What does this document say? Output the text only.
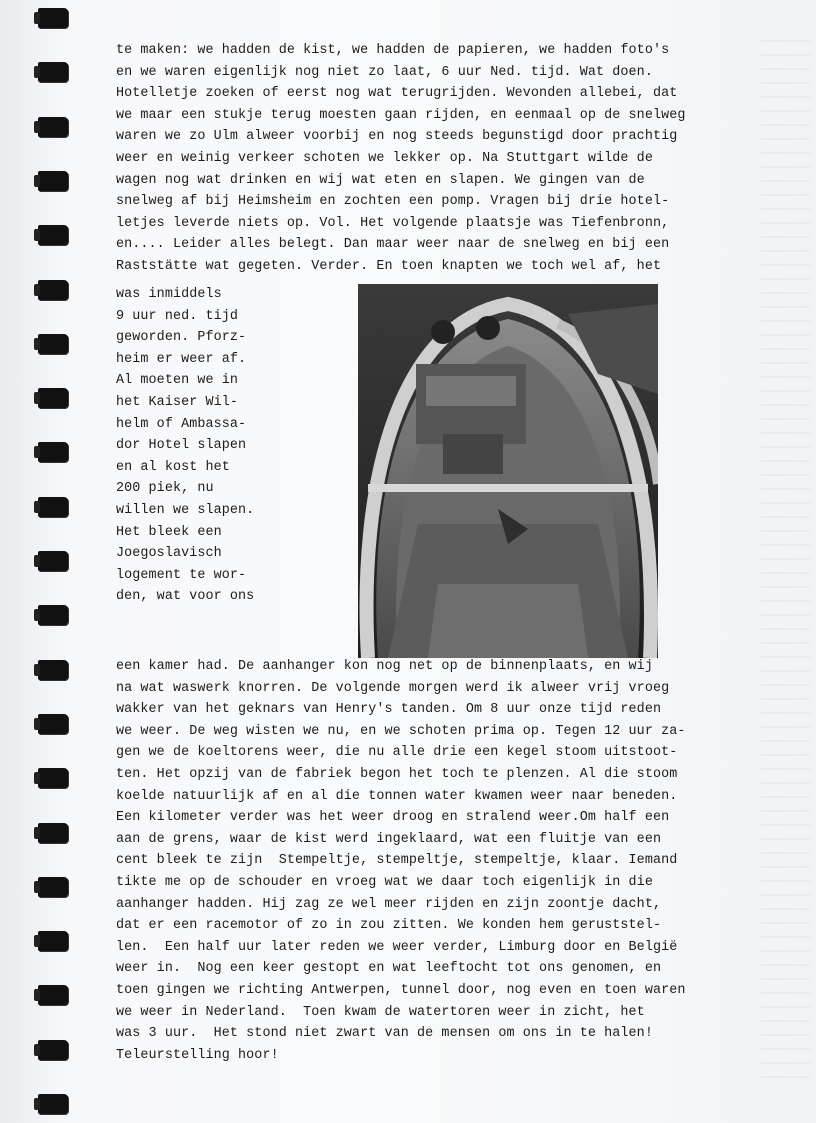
te maken: we hadden de kist, we hadden de papieren, we hadden foto's
en we waren eigenlijk nog niet zo laat, 6 uur Ned. tijd. Wat doen.
Hotelletje zoeken of eerst nog wat terugrijden. Wevonden allebei, dat
we maar een stukje terug moesten gaan rijden, en eenmaal op de snelweg
waren we zo Ulm alweer voorbij en nog steeds begunstigd door prachtig
weer en weinig verkeer schoten we lekker op. Na Stuttgart wilde de
wagen nog wat drinken en wij wat eten en slapen. We gingen van de
snelweg af bij Heimsheim en zochten een pomp. Vragen bij drie hotel-
letjes leverde niets op. Vol. Het volgende plaatsje was Tiefenbronn,
en.... Leider alles belegt. Dan maar weer naar de snelweg en bij een
Raststätte wat gegeten. Verder. En toen knapten we toch wel af, het
was inmiddels
9 uur ned. tijd
geworden. Pforz-
heim er weer af.
Al moeten we in
het Kaiser Wil-
helm of Ambassa-
dor Hotel slapen
en al kost het
200 piek, nu
willen we slapen.
Het bleek een
Joegoslavisch
logement te wor-
den, wat voor ons
een kamer had. De aanhanger kon nog net op de binnenplaats, en wij
na wat waswerk knorren. De volgende morgen werd ik alweer vrij vroeg
wakker van het geknars van Henry's tanden. Om 8 uur onze tijd reden
we weer. De weg wisten we nu, en we schoten prima op. Tegen 12 uur za-
gen we de koeltorens weer, die nu alle drie een kegel stoom uitstoot-
ten. Het opzij van de fabriek begon het toch te plenzen. Al die stoom
koelde natuurlijk af en al die tonnen water kwamen weer naar beneden.
Een kilometer verder was het weer droog en stralend weer.Om half een
aan de grens, waar de kist werd ingeklaard, wat een fluitje van een
cent bleek te zijn  Stempeltje, stempeltje, stempeltje, klaar. Iemand
tikte me op de schouder en vroeg wat we daar toch eigenlijk in die
aanhanger hadden. Hij zag ze wel meer rijden en zijn zoontje dacht,
dat er een racemotor of zo in zou zitten. We konden hem geruststel-
len.  Een half uur later reden we weer verder, Limburg door en België
weer in.  Nog een keer gestopt en wat leeftocht tot ons genomen, en
toen gingen we richting Antwerpen, tunnel door, nog even en toen waren
we weer in Nederland.  Toen kwam de watertoren weer in zicht, het
was 3 uur.  Het stond niet zwart van de mensen om ons in te halen!
Teleurstelling hoor!
